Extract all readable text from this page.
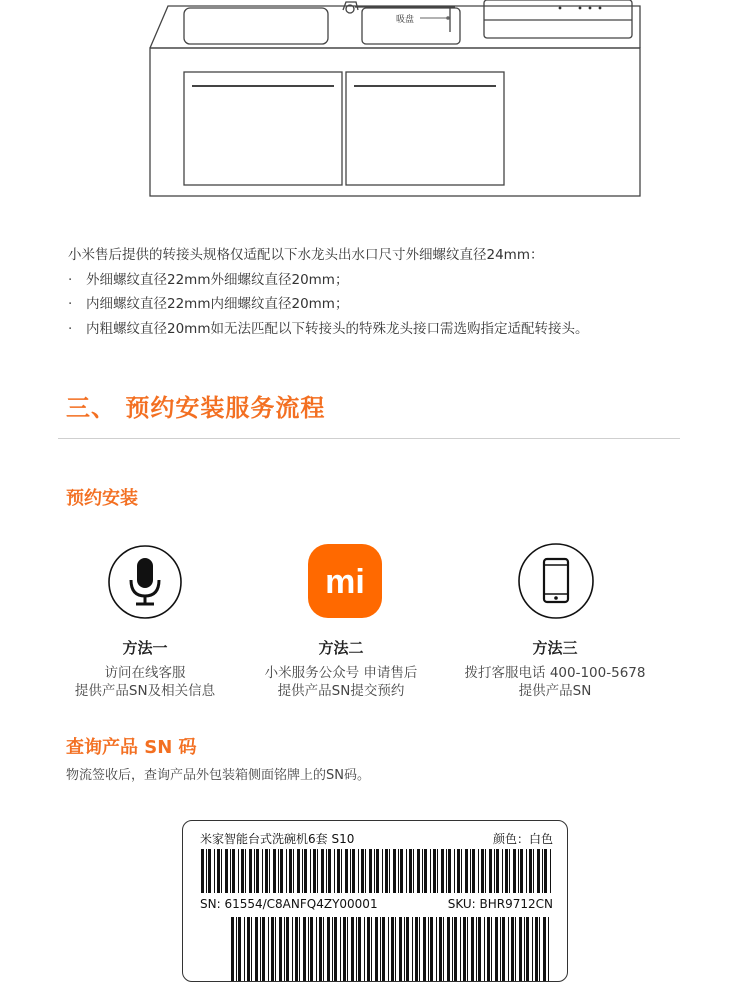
吸盘
小米售后提供的转接头规格仅适配以下水龙头出水口尺寸外细螺纹直径24mm：
·	外细螺纹直径22mm外细螺纹直径20mm；
·	内细螺纹直径22mm内细螺纹直径20mm；
·	内粗螺纹直径20mm如无法匹配以下转接头的特殊龙头接口需选购指定适配转接头。
三、 预约安装服务流程
预约安装
mi
方法一
访问在线客服
提供产品SN及相关信息
方法二
小米服务公众号 申请售后
提供产品SN提交预约
方法三
拨打客服电话 400-100-5678
提供产品SN
查询产品 SN 码
物流签收后，查询产品外包装箱侧面铭牌上的SN码。
米家智能台式洗碗机6套 S10	颜色：白色
SN: 61554/C8ANFQ4ZY00001	SKU: BHR9712CN
